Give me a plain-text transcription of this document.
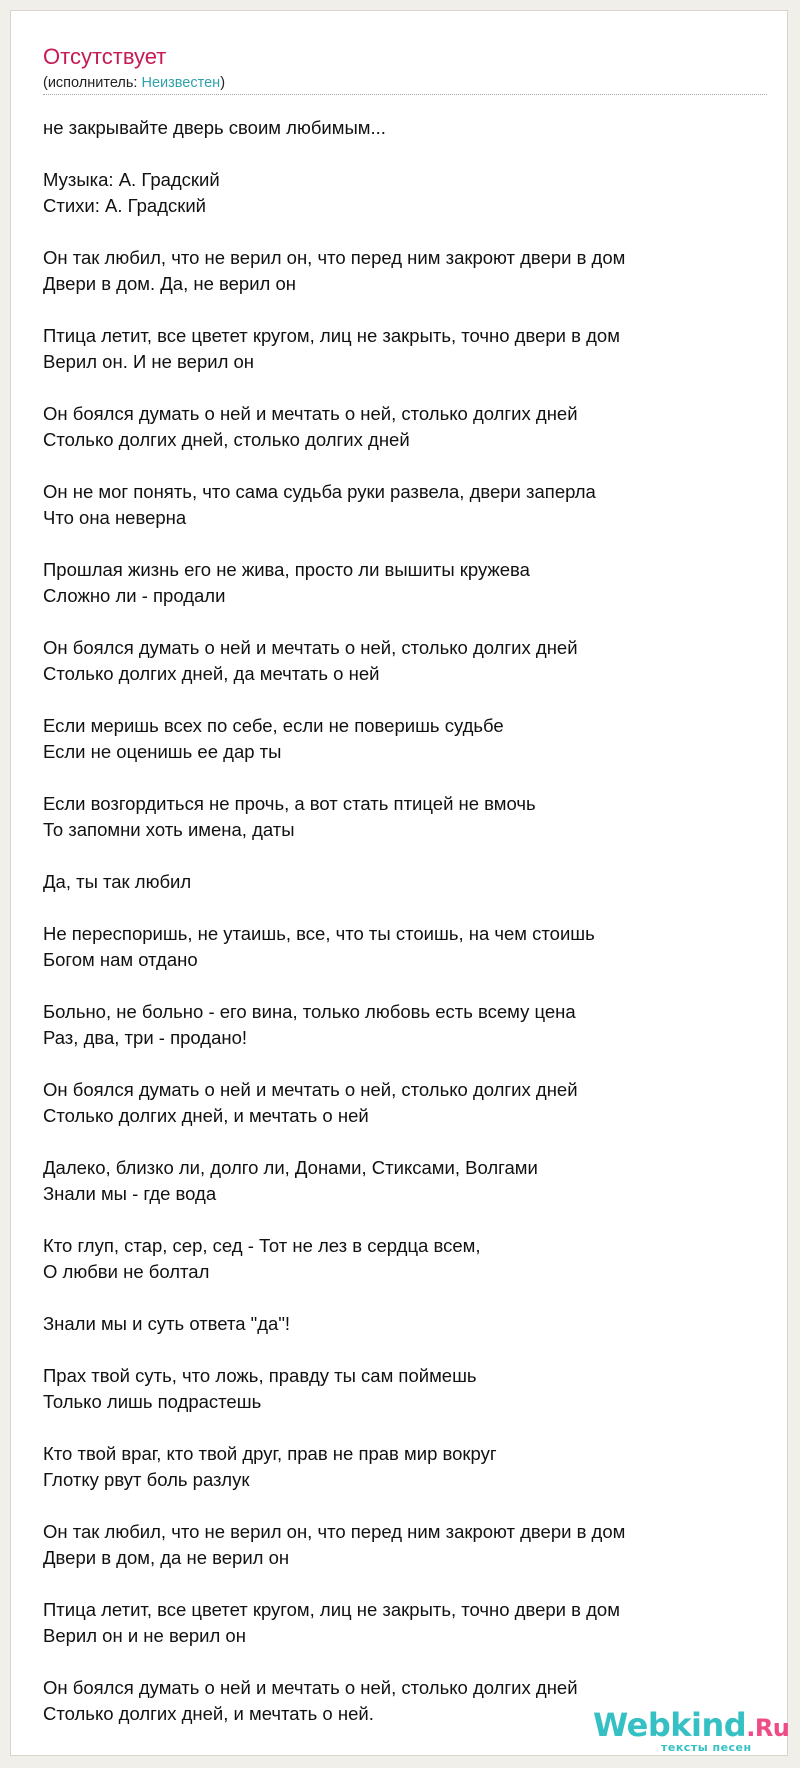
Отсутствует
(исполнитель: Неизвестен)
не закрывайте дверь своим любимым...
Музыка: А. Градский
Стихи: А. Градский
Он так любил, что не верил он, что перед ним закроют двери в дом
Двери в дом. Да, не верил он
Птица летит, все цветет кругом, лиц не закрыть, точно двери в дом
Верил он. И не верил он
Он боялся думать о ней и мечтать о ней, столько долгих дней
Столько долгих дней, столько долгих дней
Он не мог понять, что сама судьба руки развела, двери заперла
Что она неверна
Прошлая жизнь его не жива, просто ли вышиты кружева
Сложно ли - продали
Он боялся думать о ней и мечтать о ней, столько долгих дней
Столько долгих дней, да мечтать о ней
Если меришь всех по себе, если не поверишь судьбе
Если не оценишь ее дар ты
Если возгордиться не прочь, а вот стать птицей не вмочь
То запомни хоть имена, даты
Да, ты так любил
Не переспоришь, не утаишь, все, что ты стоишь, на чем стоишь
Богом нам отдано
Больно, не больно - его вина, только любовь есть всему цена
Раз, два, три - продано!
Он боялся думать о ней и мечтать о ней, столько долгих дней
Столько долгих дней, и мечтать о ней
Далеко, близко ли, долго ли, Донами, Стиксами, Волгами
Знали мы - где вода
Кто глуп, стар, сер, сед - Тот не лез в сердца всем,
О любви не болтал
Знали мы и суть ответа "да"!
Прах твой суть, что ложь, правду ты сам поймешь
Только лишь подрастешь
Кто твой враг, кто твой друг, прав не прав мир вокруг
Глотку рвут боль разлук
Он так любил, что не верил он, что перед ним закроют двери в дом
Двери в дом, да не верил он
Птица летит, все цветет кругом, лиц не закрыть, точно двери в дом
Верил он и не верил он
Он боялся думать о ней и мечтать о ней, столько долгих дней
Столько долгих дней, и мечтать о ней.	Webkind.Ru
тексты песен
